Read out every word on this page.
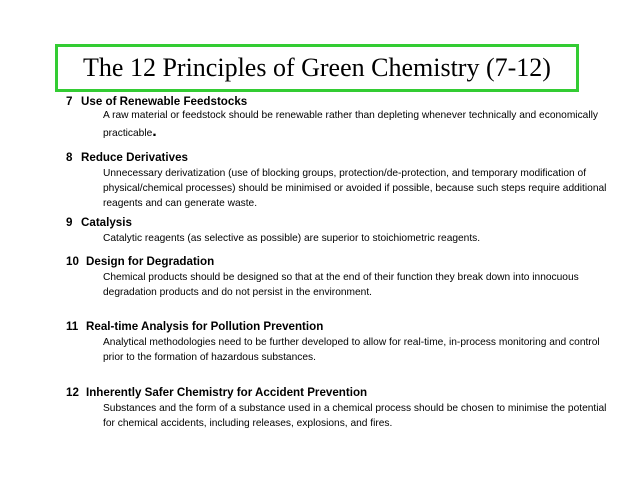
The 12 Principles of Green Chemistry (7-12)
7 Use of Renewable Feedstocks
A raw material or feedstock should be renewable rather than depleting whenever technically and economically practicable.
8 Reduce Derivatives
Unnecessary derivatization (use of blocking groups, protection/de-protection, and temporary modification of physical/chemical processes) should be minimised or avoided if possible, because such steps require additional reagents and can generate waste.
9 Catalysis
Catalytic reagents (as selective as possible) are superior to stoichiometric reagents.
10 Design for Degradation
Chemical products should be designed so that at the end of their function they break down into innocuous degradation products and do not persist in the environment.
11 Real-time Analysis for Pollution Prevention
Analytical methodologies need to be further developed to allow for real-time, in-process monitoring and control prior to the formation of hazardous substances.
12 Inherently Safer Chemistry for Accident Prevention
Substances and the form of a substance used in a chemical process should be chosen to minimise the potential for chemical accidents, including releases, explosions, and fires.
